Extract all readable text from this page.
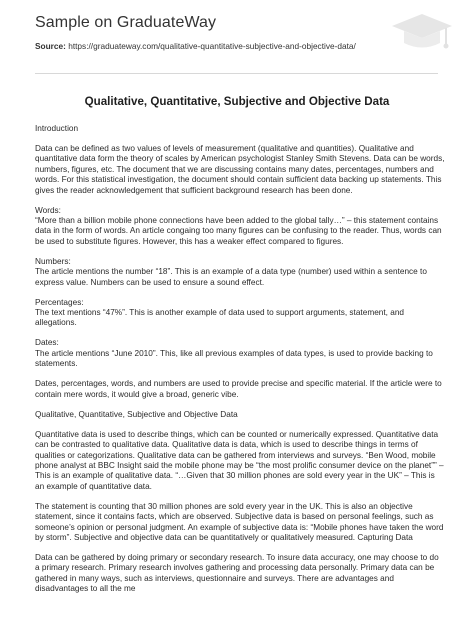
Sample on GraduateWay
Source: https://graduateway.com/qualitative-quantitative-subjective-and-objective-data/
Qualitative, Quantitative, Subjective and Objective Data

Introduction

Data can be defined as two values of levels of measurement (qualitative and quantities). Qualitative and quantitative data form the theory of scales by American psychologist Stanley Smith Stevens. Data can be words, numbers, figures, etc. The document that we are discussing contains many dates, percentages, numbers and words. For this statistical investigation, the document should contain sufficient data backing up statements. This gives the reader acknowledgement that sufficient background research has been done.

Words:

“More than a billion mobile phone connections have been added to the global tally…” – this statement contains data in the form of words. An article congaing too many figures can be confusing to the reader. Thus, words can be used to substitute figures. However, this has a weaker effect compared to figures.

Numbers:

The article mentions the number “18”. This is an example of a data type (number) used within a sentence to express value. Numbers can be used to ensure a sound effect.

Percentages:

The text mentions “47%”. This is another example of data used to support arguments, statement, and allegations.

Dates:

The article mentions “June 2010”. This, like all previous examples of data types, is used to provide backing to statements.

Dates, percentages, words, and numbers are used to provide precise and specific material. If the article were to contain mere words, it would give a broad, generic vibe.

Qualitative, Quantitative, Subjective and Objective Data

Quantitative data is used to describe things, which can be counted or numerically expressed. Quantitative data can be contrasted to qualitative data. Qualitative data is data, which is used to describe things in terms of qualities or categorizations. Qualitative data can be gathered from interviews and surveys. “Ben Wood, mobile phone analyst at BBC Insight said the mobile phone may be “the most prolific consumer device on the planet”” – This is an example of qualitative data. “…Given that 30 million phones are sold every year in the UK” – This is an example of quantitative data.

The statement is counting that 30 million phones are sold every year in the UK. This is also an objective statement, since it contains facts, which are observed. Subjective data is based on personal feelings, such as someone’s opinion or personal judgment. An example of subjective data is: “Mobile phones have taken the word by storm”. Subjective and objective data can be quantitatively or qualitatively measured. Capturing Data

Data can be gathered by doing primary or secondary research. To insure data accuracy, one may choose to do a primary research. Primary research involves gathering and processing data personally. Primary data can be gathered in many ways, such as interviews, questionnaire and surveys. There are advantages and disadvantages to all the me
